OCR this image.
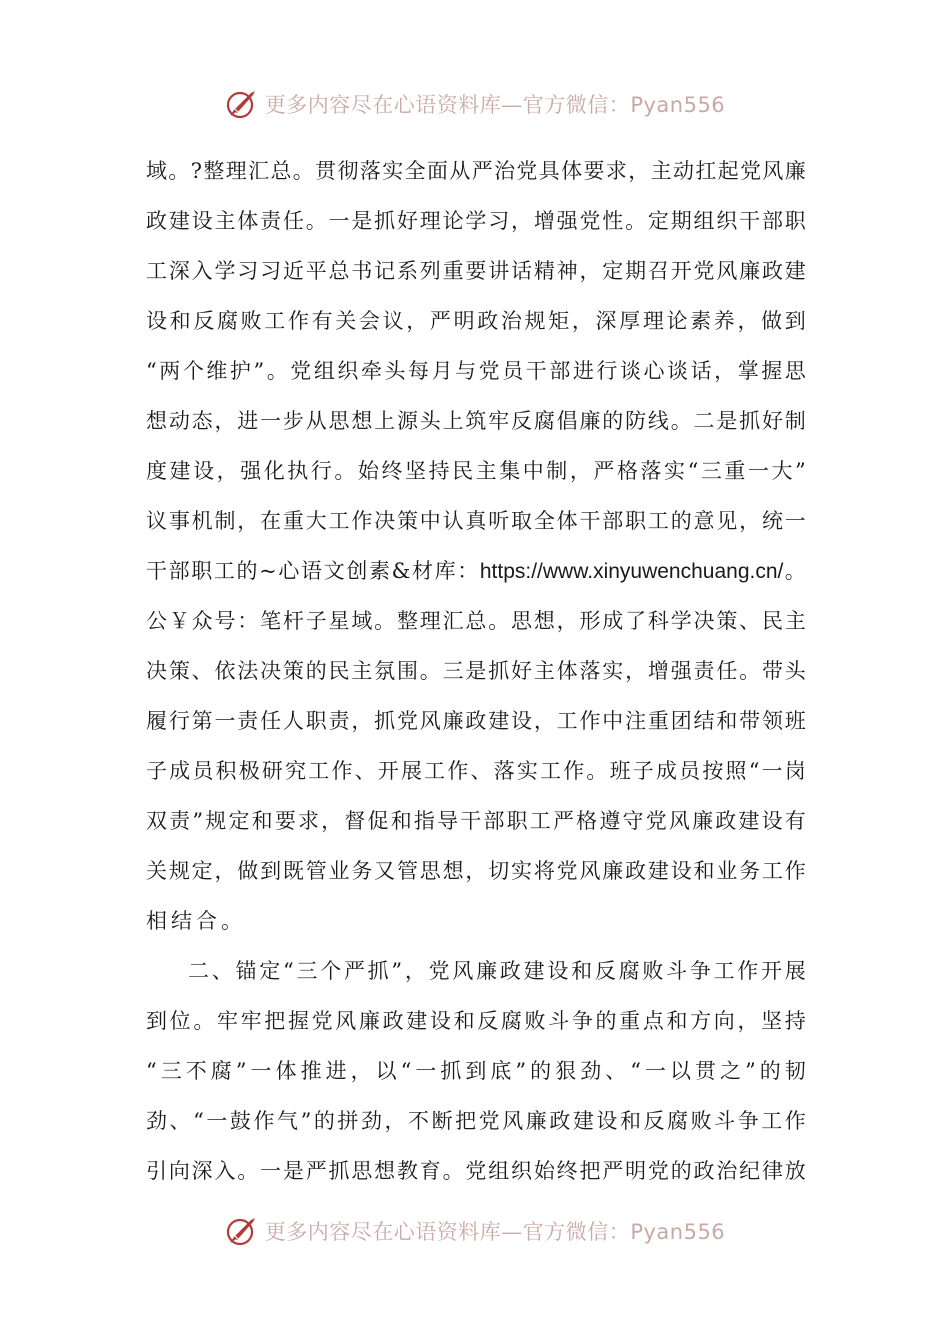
更多内容尽在心语资料库—官方微信：Pyan556
域。?整理汇总。贯彻落实全面从严治党具体要求，主动扛起党风廉
政建设主体责任。一是抓好理论学习，增强党性。定期组织干部职
工深入学习习近平总书记系列重要讲话精神，定期召开党风廉政建
设和反腐败工作有关会议，严明政治规矩，深厚理论素养，做到
“两个维护”。党组织牵头每月与党员干部进行谈心谈话，掌握思
想动态，进一步从思想上源头上筑牢反腐倡廉的防线。二是抓好制
度建设，强化执行。始终坚持民主集中制，严格落实“三重一大”
议事机制，在重大工作决策中认真听取全体干部职工的意见，统一
干部职工的~心语文创素&材库：https://www.xinyuwenchuang.cn/。
公￥众号：笔杆子星域。整理汇总。思想，形成了科学决策、民主
决策、依法决策的民主氛围。三是抓好主体落实，增强责任。带头
履行第一责任人职责，抓党风廉政建设，工作中注重团结和带领班
子成员积极研究工作、开展工作、落实工作。班子成员按照“一岗
双责”规定和要求，督促和指导干部职工严格遵守党风廉政建设有
关规定，做到既管业务又管思想，切实将党风廉政建设和业务工作
相结合。
二、锚定“三个严抓”，党风廉政建设和反腐败斗争工作开展
到位。牢牢把握党风廉政建设和反腐败斗争的重点和方向，坚持
“三不腐”一体推进，以“一抓到底”的狠劲、“一以贯之”的韧
劲、“一鼓作气”的拼劲，不断把党风廉政建设和反腐败斗争工作
引向深入。一是严抓思想教育。党组织始终把严明党的政治纪律放
更多内容尽在心语资料库—官方微信：Pyan556
